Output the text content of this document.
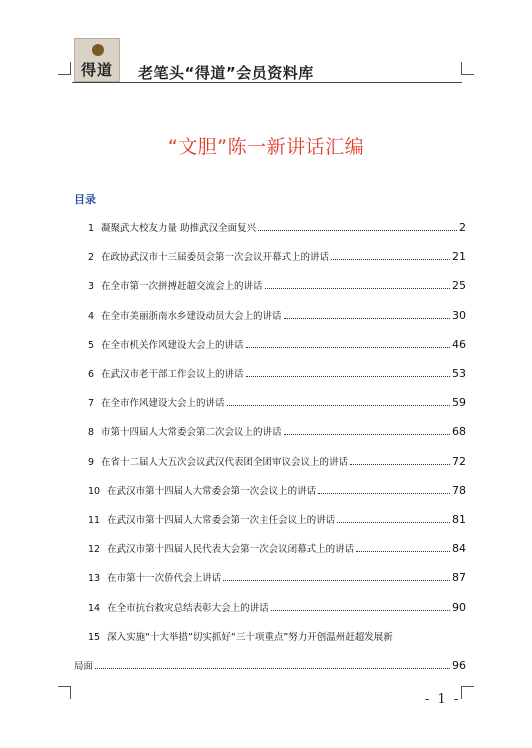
得道	老笔头“得道”会员资料库
“文胆”陈一新讲话汇编
目录
1 凝聚武大校友力量 助推武汉全面复兴	2
2 在政协武汉市十三届委员会第一次会议开幕式上的讲话	21
3 在全市第一次拼搏赶超交流会上的讲话	25
4 在全市美丽浙南水乡建设动员大会上的讲话	30
5 在全市机关作风建设大会上的讲话	46
6 在武汉市老干部工作会议上的讲话	53
7 在全市作风建设大会上的讲话	59
8 市第十四届人大常委会第二次会议上的讲话	68
9 在省十二届人大五次会议武汉代表团全团审议会议上的讲话	72
10 在武汉市第十四届人大常委会第一次会议上的讲话	78
11 在武汉市第十四届人大常委会第一次主任会议上的讲话	81
12 在武汉市第十四届人民代表大会第一次会议闭幕式上的讲话	84
13 在市第十一次侨代会上讲话	87
14 在全市抗台救灾总结表彰大会上的讲话	90
15 深入实施“十大举措”切实抓好“三十项重点”努力开创温州赶超发展新
局面	96
- 1 -
